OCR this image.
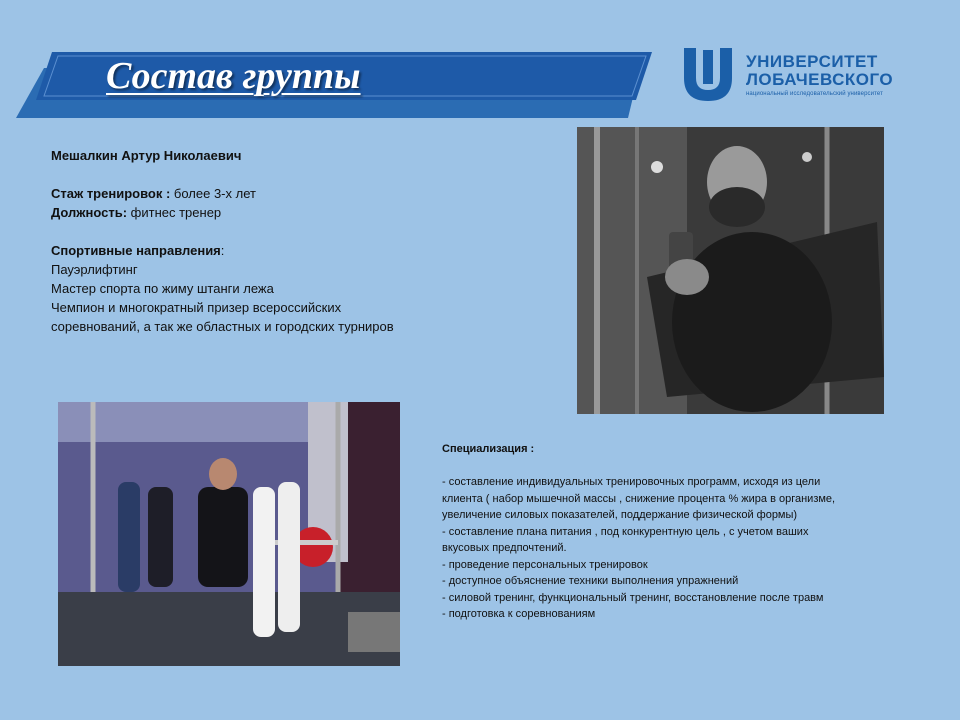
Состав группы	УНИВЕРСИТЕТ
ЛОБАЧЕВСКОГО
национальный исследовательский университет

Мешалкин Артур Николаевич

Стаж тренировок : более 3-х лет

Должность: фитнес тренер

Спортивные направления:

Пауэрлифтинг

Мастер спорта по жиму штанги лежа

Чемпион и многократный призер всероссийских

соревнований, а так же областных и городских турниров

Специализация :

- составление индивидуальных тренировочных программ, исходя из цели

клиента ( набор мышечной массы , снижение процента % жира в организме,

увеличение силовых показателей, поддержание физической формы)

- составление плана питания , под конкурентную цель , с учетом ваших

вкусовых предпочтений.

- проведение персональных тренировок

- доступное объяснение техники выполнения упражнений

- силовой тренинг, функциональный тренинг, восстановление после травм

- подготовка к соревнованиям
